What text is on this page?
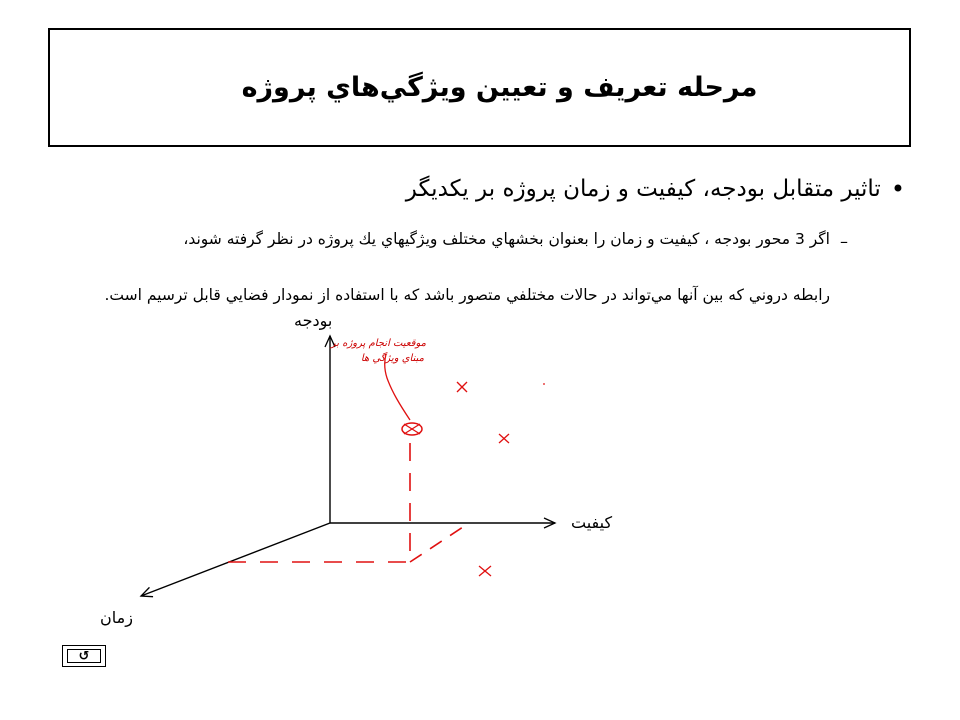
مرحله تعريف و تعيين ويژگي‌هاي پروژه
•
تاثير متقابل بودجه، كيفيت و زمان پروژه بر يكديگر
–
اگر 3 محور بودجه ، كيفيت و زمان را بعنوان بخشهاي مختلف ويژگيهاي يك پروژه در نظر گرفته شوند،
رابطه دروني كه بين آنها مي‌تواند در حالات مختلفي متصور باشد كه با استفاده از نمودار فضايي قابل ترسيم است.
موقعيت انجام پروژه بر
مبناي ويژگي ها
بودجه
كيفيت
زمان
↺
